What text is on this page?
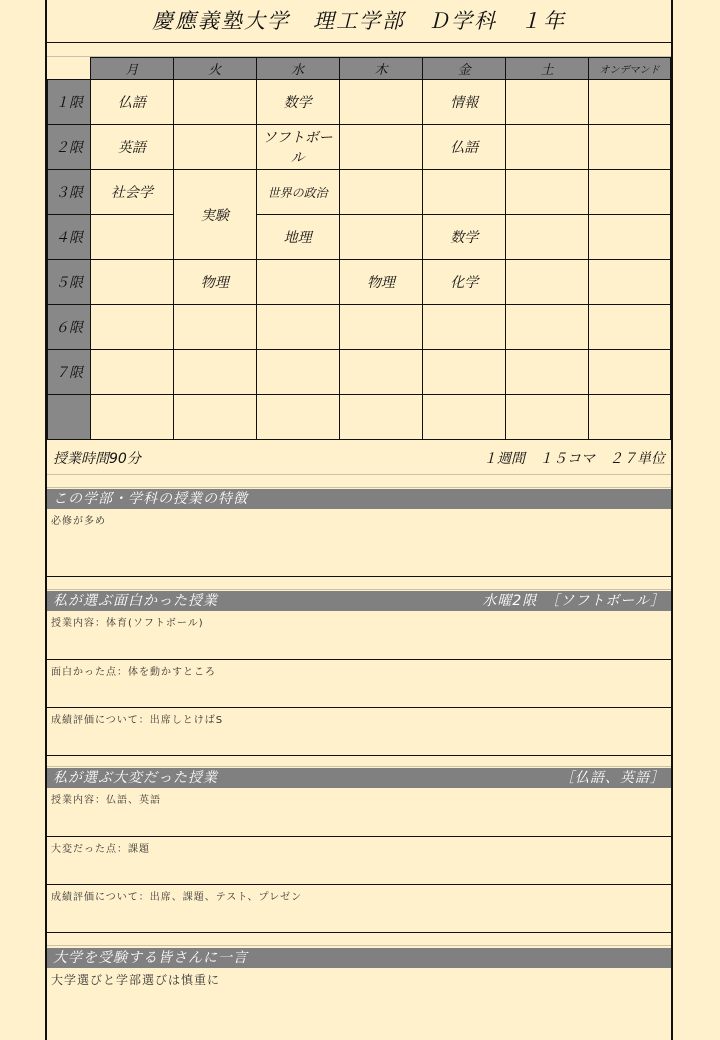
慶應義塾大学　理工学部　Ｄ学科　１年
	月	火	水	木	金	土	オンデマンド
１限	仏語		数学		情報		
２限	英語		ソフトボール		仏語		
３限	社会学	実験	世界の政治				
４限			地理		数学		
５限		物理		物理	化学		
６限							
７限							

授業時間90分	１週間　１５コマ　２７単位
この学部・学科の授業の特徴
必修が多め
私が選ぶ面白かった授業	水曜2限　［ソフトボール］
授業内容：体育(ソフトボール)
面白かった点：体を動かすところ
成績評価について：出席しとけばS
私が選ぶ大変だった授業	［仏語、英語］
授業内容：仏語、英語
大変だった点：課題
成績評価について：出席、課題、テスト、プレゼン
大学を受験する皆さんに一言
大学選びと学部選びは慎重に
